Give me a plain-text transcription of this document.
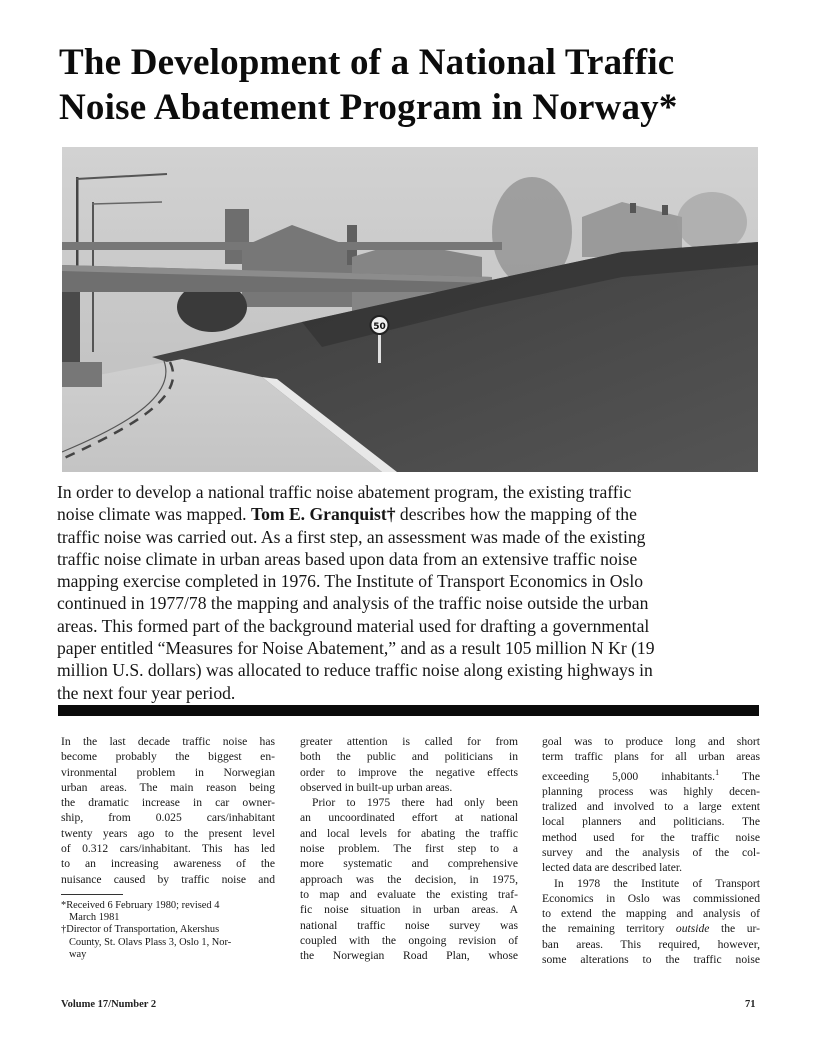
The Development of a National Traffic
Noise Abatement Program in Norway*
50
In order to develop a national traffic noise abatement program, the existing traffic
noise climate was mapped. Tom E. Granquist† describes how the mapping of the
traffic noise was carried out. As a first step, an assessment was made of the existing
traffic noise climate in urban areas based upon data from an extensive traffic noise
mapping exercise completed in 1976. The Institute of Transport Economics in Oslo
continued in 1977/78 the mapping and analysis of the traffic noise outside the urban
areas. This formed part of the background material used for drafting a governmental
paper entitled “Measures for Noise Abatement,” and as a result 105 million N Kr (19
million U.S. dollars) was allocated to reduce traffic noise along existing highways in
the next four year period.
In the last decade traffic noise has
become probably the biggest en-
vironmental problem in Norwegian
urban areas. The main reason being
the dramatic increase in car owner-
ship, from 0.025 cars/inhabitant
twenty years ago to the present level
of 0.312 cars/inhabitant. This has led
to an increasing awareness of the
nuisance caused by traffic noise and
*Received 6 February 1980; revised 4
March 1981
†Director of Transportation, Akershus
County, St. Olavs Plass 3, Oslo 1, Nor-
way
greater attention is called for from
both the public and politicians in
order to improve the negative effects
observed in built-up urban areas.
Prior to 1975 there had only been
an uncoordinated effort at national
and local levels for abating the traffic
noise problem. The first step to a
more systematic and comprehensive
approach was the decision, in 1975,
to map and evaluate the existing traf-
fic noise situation in urban areas. A
national traffic noise survey was
coupled with the ongoing revision of
the Norwegian Road Plan, whose
goal was to produce long and short
term traffic plans for all urban areas
exceeding 5,000 inhabitants.$^1$ The
planning process was highly decen-
tralized and involved to a large extent
local planners and politicians. The
method used for the traffic noise
survey and the analysis of the col-
lected data are described later.
In 1978 the Institute of Transport
Economics in Oslo was commissioned
to extend the mapping and analysis of
the remaining territory outside the ur-
ban areas. This required, however,
some alterations to the traffic noise
Volume 17/Number 2	71
